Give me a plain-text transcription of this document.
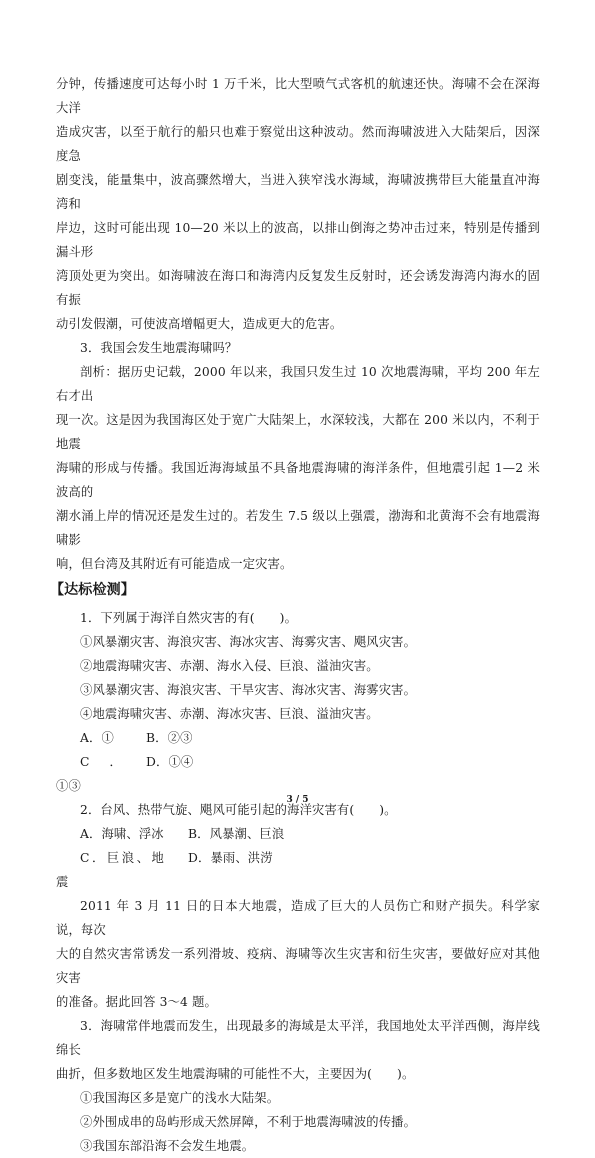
分钟，传播速度可达每小时 1 万千米，比大型喷气式客机的航速还快。海啸不会在深海大洋

造成灾害，以至于航行的船只也难于察觉出这种波动。然而海啸波进入大陆架后，因深度急

剧变浅，能量集中，波高骤然增大，当进入狭窄浅水海域，海啸波携带巨大能量直冲海湾和

岸边，这时可能出现 10—20 米以上的波高，以排山倒海之势冲击过来，特别是传播到漏斗形

湾顶处更为突出。如海啸波在海口和海湾内反复发生反射时，还会诱发海湾内海水的固有振

动引发假潮，可使波高增幅更大，造成更大的危害。

3．我国会发生地震海啸吗？

剖析：据历史记载，2000 年以来，我国只发生过 10 次地震海啸，平均 200 年左右才出

现一次。这是因为我国海区处于宽广大陆架上，水深较浅，大都在 200 米以内，不利于地震

海啸的形成与传播。我国近海海域虽不具备地震海啸的海洋条件，但地震引起 1—2 米波高的

潮水涌上岸的情况还是发生过的。若发生 7.5 级以上强震，渤海和北黄海不会有地震海啸影

响，但台湾及其附近有可能造成一定灾害。

【达标检测】

1．下列属于海洋自然灾害的有(　　)。

①风暴潮灾害、海浪灾害、海冰灾害、海雾灾害、飓风灾害。

②地震海啸灾害、赤潮、海水入侵、巨浪、溢油灾害。

③风暴潮灾害、海浪灾害、干旱灾害、海冰灾害、海雾灾害。

④地震海啸灾害、赤潮、海冰灾害、巨浪、溢油灾害。

A．①	B．②③

C．①③
D．①④

2．台风、热带气旋、飓风可能引起的海洋灾害有(　　)。

A．海啸、浮冰	B．风暴潮、巨浪

C．巨浪、地震
D．暴雨、洪涝

2011 年 3 月 11 日的日本大地震，造成了巨大的人员伤亡和财产损失。科学家说，每次

大的自然灾害常诱发一系列滑坡、疫病、海啸等次生灾害和衍生灾害，要做好应对其他灾害

的准备。据此回答 3～4 题。

3．海啸常伴地震而发生，出现最多的海域是太平洋，我国地处太平洋西侧，海岸线绵长

曲折，但多数地区发生地震海啸的可能性不大，主要因为(　　)。

①我国海区多是宽广的浅水大陆架。

②外围成串的岛屿形成天然屏障，不利于地震海啸波的传播。

③我国东部沿海不会发生地震。

3 / 5
